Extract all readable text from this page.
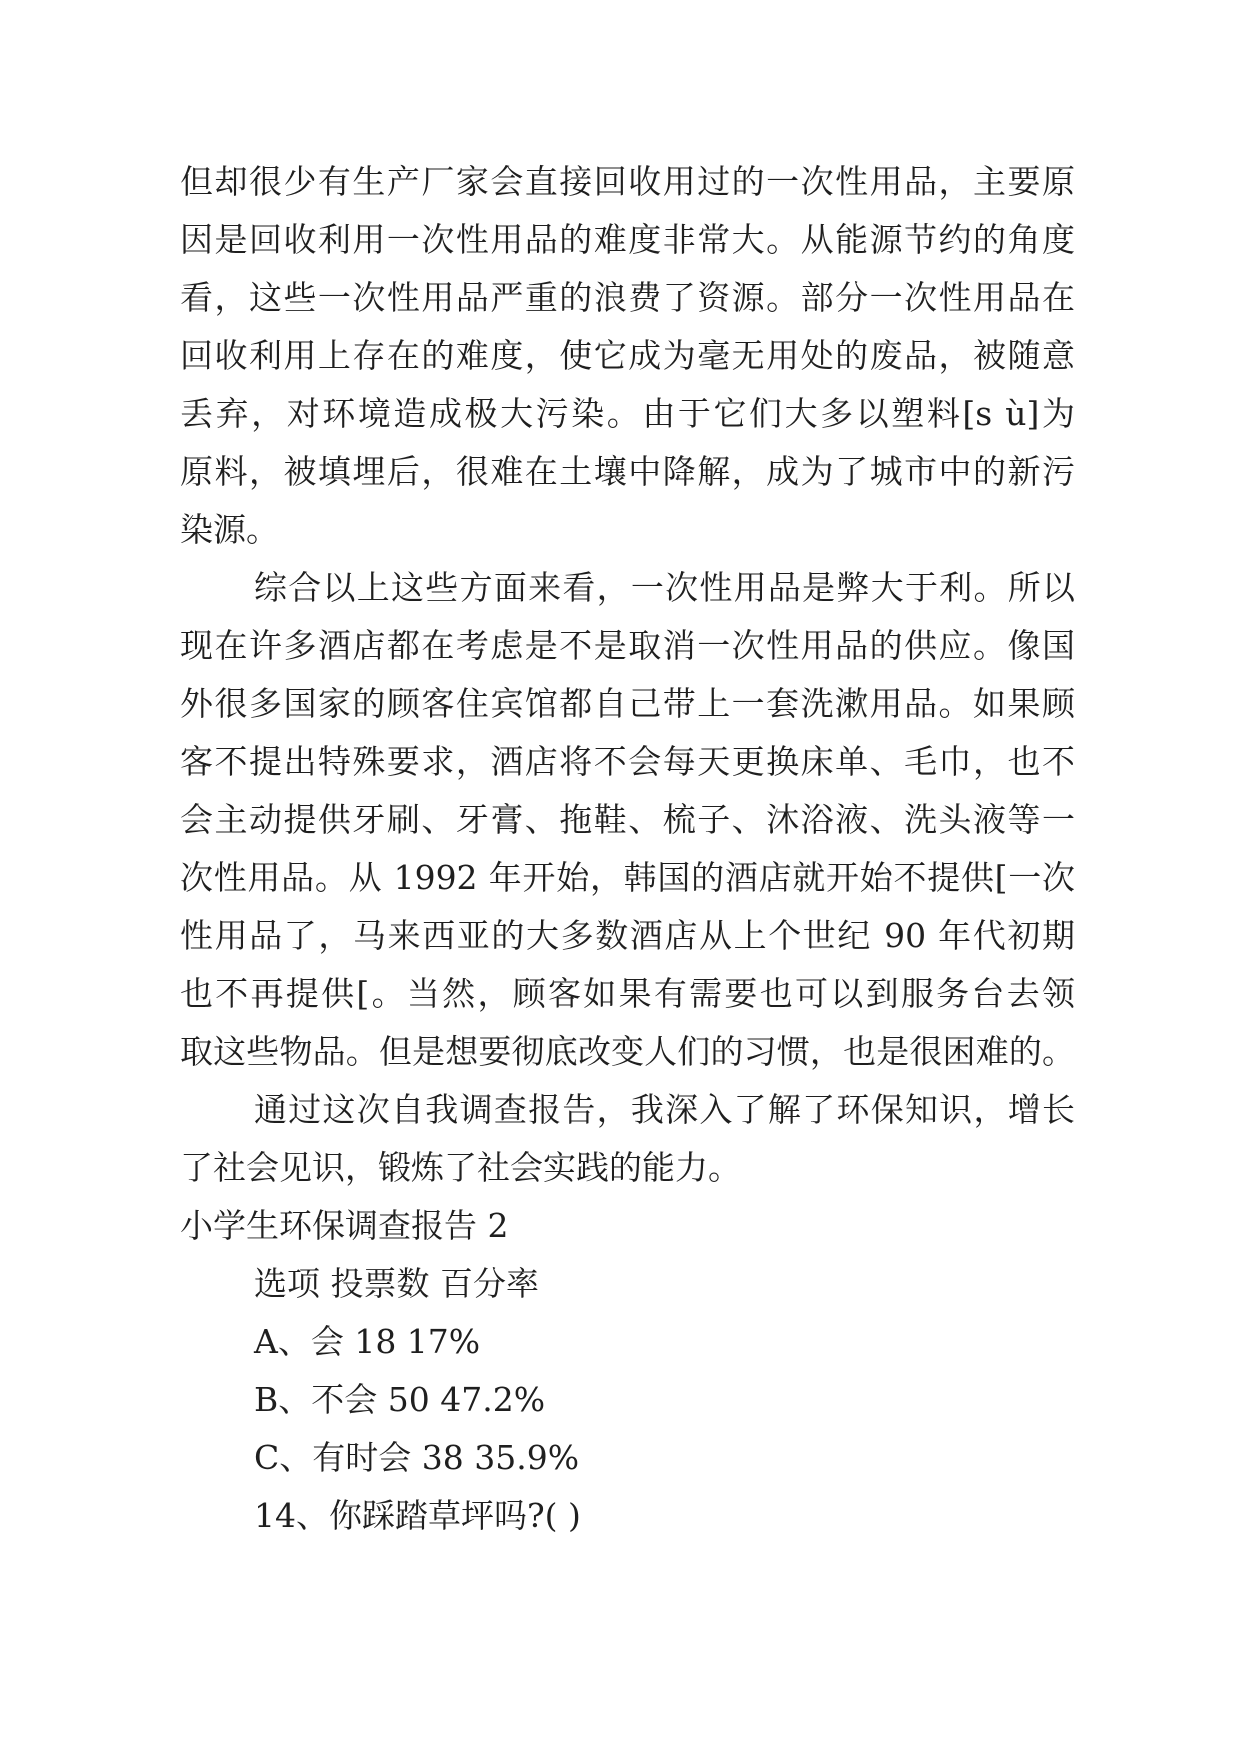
但却很少有生产厂家会直接回收用过的一次性用品，主要原
因是回收利用一次性用品的难度非常大。从能源节约的角度
看，这些一次性用品严重的浪费了资源。部分一次性用品在
回收利用上存在的难度，使它成为毫无用处的废品，被随意
丢弃，对环境造成极大污染。由于它们大多以塑料[s ù]为
原料，被填埋后，很难在土壤中降解，成为了城市中的新污
染源。
综合以上这些方面来看，一次性用品是弊大于利。所以
现在许多酒店都在考虑是不是取消一次性用品的供应。像国
外很多国家的顾客住宾馆都自己带上一套洗漱用品。如果顾
客不提出特殊要求，酒店将不会每天更换床单、毛巾，也不
会主动提供牙刷、牙膏、拖鞋、梳子、沐浴液、洗头液等一
次性用品。从 1992 年开始，韩国的酒店就开始不提供[一次
性用品了，马来西亚的大多数酒店从上个世纪 90 年代初期
也不再提供[。当然，顾客如果有需要也可以到服务台去领
取这些物品。但是想要彻底改变人们的习惯，也是很困难的。
通过这次自我调查报告，我深入了解了环保知识，增长
了社会见识，锻炼了社会实践的能力。
小学生环保调查报告 2
选项 投票数 百分率
A、会 18 17%
B、不会 50 47.2%
C、有时会 38 35.9%
14、你踩踏草坪吗?( )
